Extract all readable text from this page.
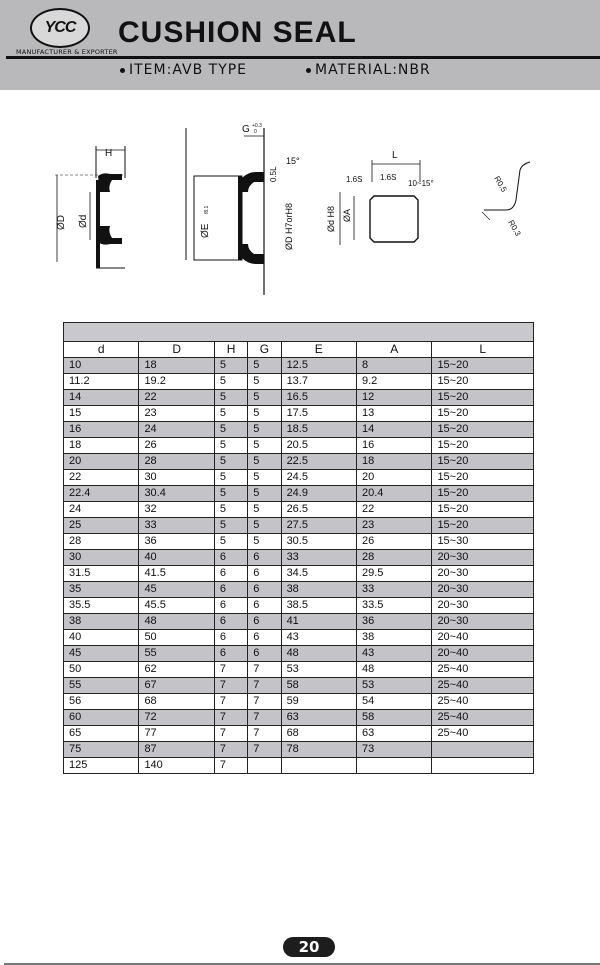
YCC
MANUFACTURER & EXPORTER
CUSHION SEAL
ITEM:AVB TYPE	MATERIAL:NBR
H
ØD Ød
G +0.3
0
15°
0.5L
ØE
f8.1	ØD H7orH8
L
1.6S 1.6S
10~15°
Ød H8 ØA
R0.5
R0.3

d	D	H	G	E	A	L
10	18	5	5	12.5	8	15~20
11.2	19.2	5	5	13.7	9.2	15~20
14	22	5	5	16.5	12	15~20
15	23	5	5	17.5	13	15~20
16	24	5	5	18.5	14	15~20
18	26	5	5	20.5	16	15~20
20	28	5	5	22.5	18	15~20
22	30	5	5	24.5	20	15~20
22.4	30.4	5	5	24.9	20.4	15~20
24	32	5	5	26.5	22	15~20
25	33	5	5	27.5	23	15~20
28	36	5	5	30.5	26	15~30
30	40	6	6	33	28	20~30
31.5	41.5	6	6	34.5	29.5	20~30
35	45	6	6	38	33	20~30
35.5	45.5	6	6	38.5	33.5	20~30
38	48	6	6	41	36	20~30
40	50	6	6	43	38	20~40
45	55	6	6	48	43	20~40
50	62	7	7	53	48	25~40
55	67	7	7	58	53	25~40
56	68	7	7	59	54	25~40
60	72	7	7	63	58	25~40
65	77	7	7	68	63	25~40
75	87	7	7	78	73	
125	140	7				
20
